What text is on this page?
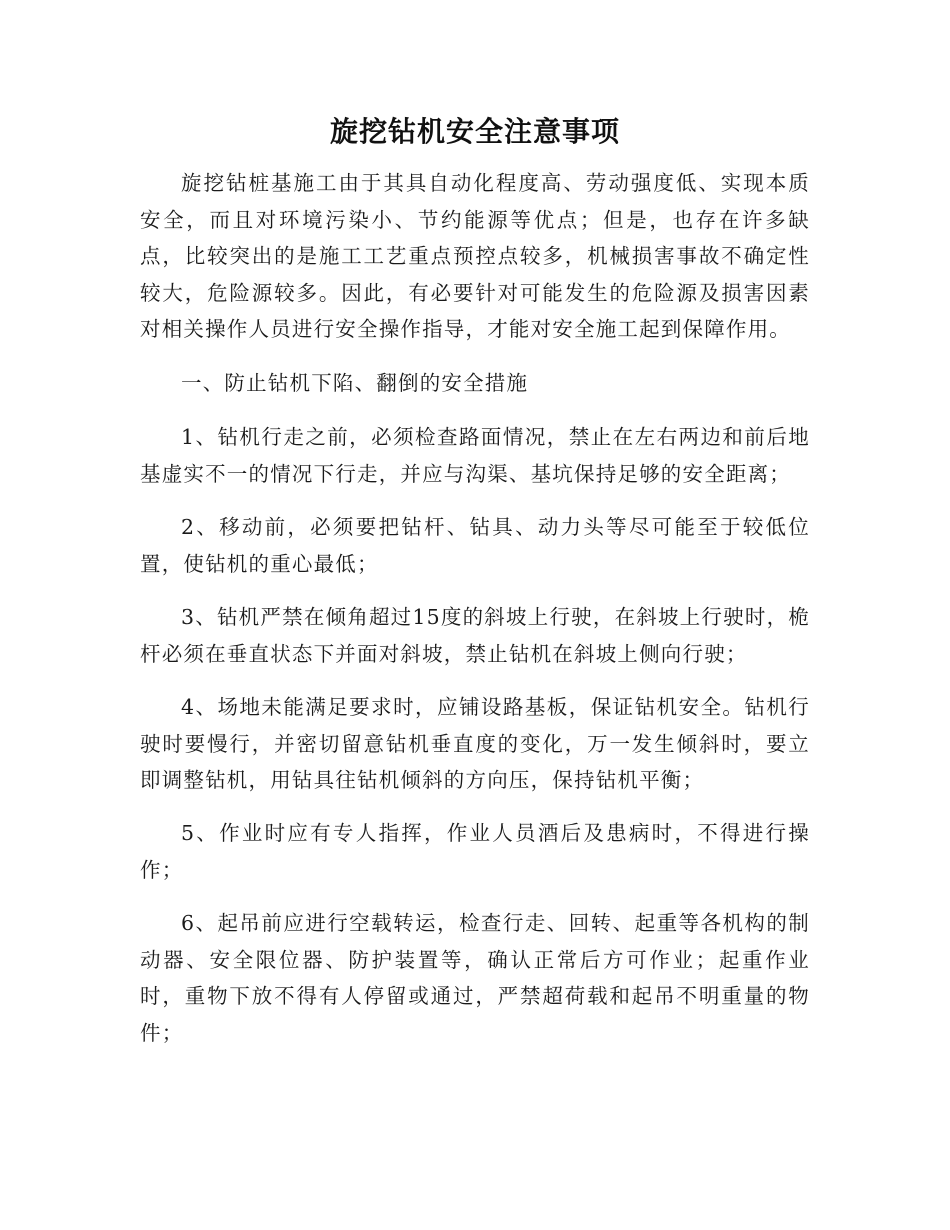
旋挖钻机安全注意事项

旋挖钻桩基施工由于其具自动化程度高、劳动强度低、实现本质安全，而且对环境污染小、节约能源等优点；但是，也存在许多缺点，比较突出的是施工工艺重点预控点较多，机械损害事故不确定性较大，危险源较多。因此，有必要针对可能发生的危险源及损害因素对相关操作人员进行安全操作指导，才能对安全施工起到保障作用。

一、防止钻机下陷、翻倒的安全措施

1、钻机行走之前，必须检查路面情况，禁止在左右两边和前后地基虚实不一的情况下行走，并应与沟渠、基坑保持足够的安全距离；

2、移动前，必须要把钻杆、钻具、动力头等尽可能至于较低位置，使钻机的重心最低；

3、钻机严禁在倾角超过15度的斜坡上行驶，在斜坡上行驶时，桅杆必须在垂直状态下并面对斜坡，禁止钻机在斜坡上侧向行驶；

4、场地未能满足要求时，应铺设路基板，保证钻机安全。钻机行驶时要慢行，并密切留意钻机垂直度的变化，万一发生倾斜时，要立即调整钻机，用钻具往钻机倾斜的方向压，保持钻机平衡；

5、作业时应有专人指挥，作业人员酒后及患病时，不得进行操作；

6、起吊前应进行空载转运，检查行走、回转、起重等各机构的制动器、安全限位器、防护装置等，确认正常后方可作业；起重作业时，重物下放不得有人停留或通过，严禁超荷载和起吊不明重量的物件；
